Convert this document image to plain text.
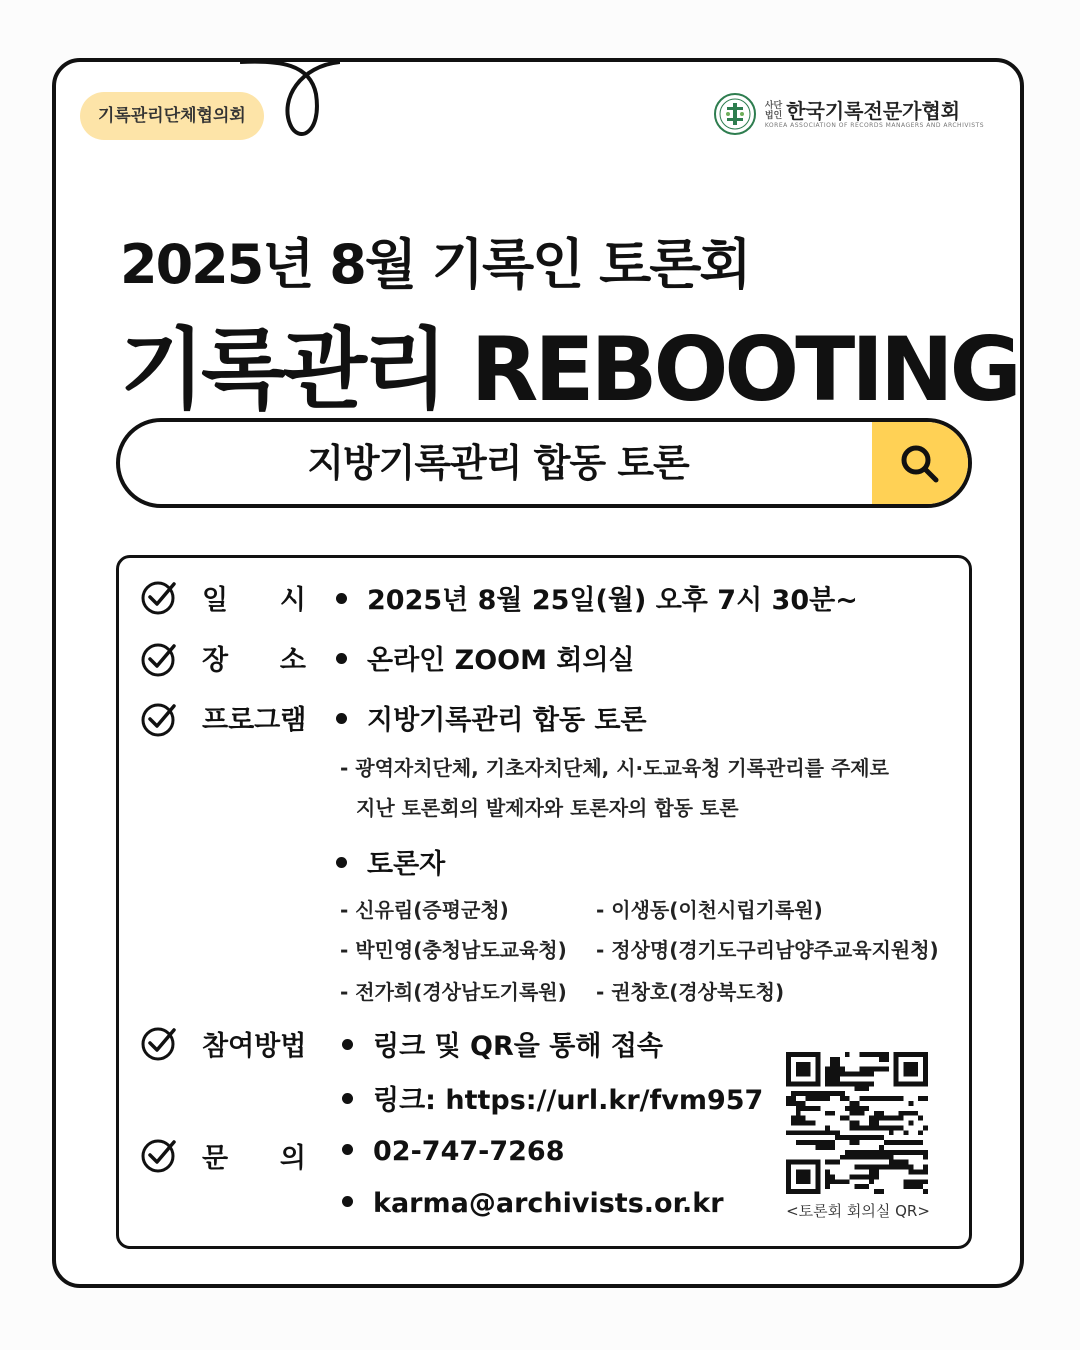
기록관리단체협의회
사단
법인 한국기록전문가협회
KOREA ASSOCIATION OF RECORDS MANAGERS AND ARCHIVISTS
2025년 8월 기록인 토론회
기록관리 REBOOTING
지방기록관리 합동 토론
일 시	2025년 8월 25일(월) 오후 7시 30분~
장 소	온라인 ZOOM 회의실
프로그램	지방기록관리 합동 토론
- 광역자치단체, 기초자치단체, 시·도교육청 기록관리를 주제로
지난 토론회의 발제자와 토론자의 합동 토론
토론자
- 신유림(증평군청)	- 이생동(이천시립기록원)
- 박민영(충청남도교육청) - 정상명(경기도구리남양주교육지원청)
- 전가희(경상남도기록원) - 권창호(경상북도청)
참여방법	링크 및 QR을 통해 접속
링크: https://url.kr/fvm957
문 의	02-747-7268
karma@archivists.or.kr	<토론회 회의실 QR>
